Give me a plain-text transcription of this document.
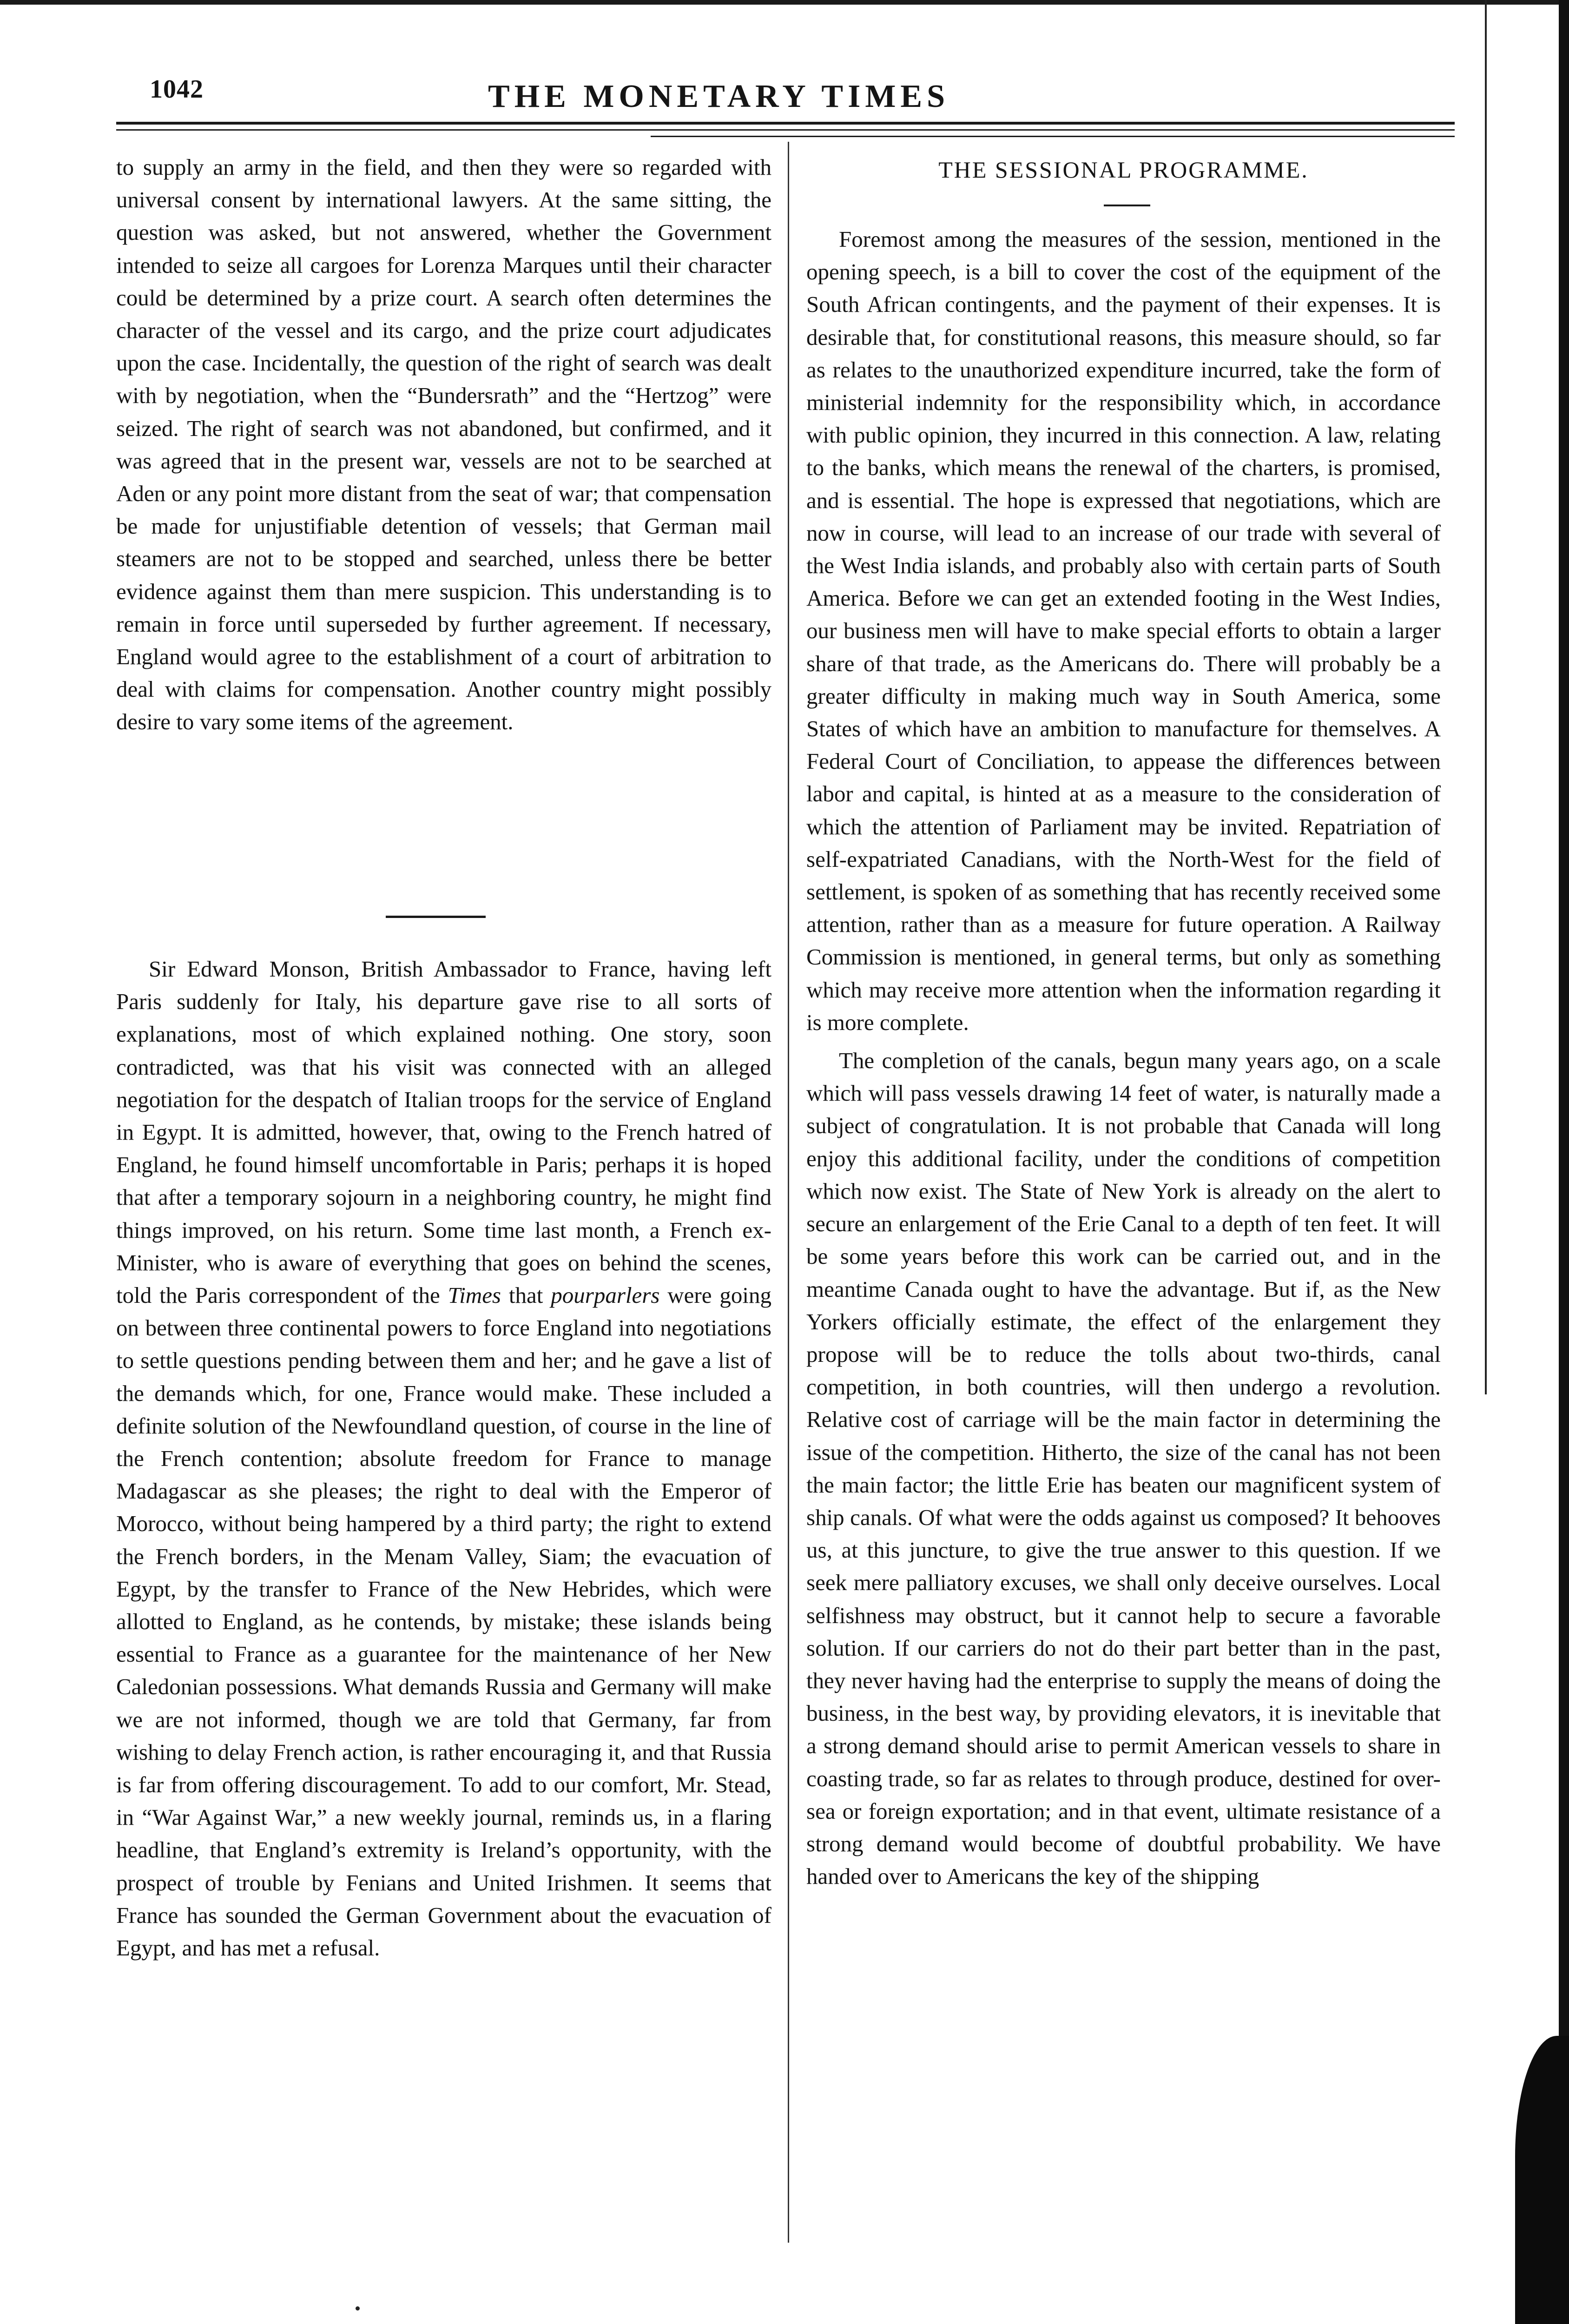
1042	THE MONETARY TIMES

to supply an army in the field, and then they were so regarded with universal consent by international lawyers. At the same sitting, the question was asked, but not answered, whether the Government intended to seize all cargoes for Lorenza Marques until their character could be determined by a prize court. A search often determines the character of the vessel and its cargo, and the prize court adjudicates upon the case. Incidentally, the question of the right of search was dealt with by negotiation, when the “Bundersrath” and the “Hertzog” were seized. The right of search was not abandoned, but confirmed, and it was agreed that in the present war, vessels are not to be searched at Aden or any point more distant from the seat of war; that compensation be made for unjustifiable detention of vessels; that German mail steamers are not to be stopped and searched, unless there be better evidence against them than mere suspicion. This understanding is to remain in force until superseded by further agreement. If necessary, England would agree to the establishment of a court of arbitration to deal with claims for compensation. Another country might possibly desire to vary some items of the agreement.

Sir Edward Monson, British Ambassador to France, having left Paris suddenly for Italy, his departure gave rise to all sorts of explanations, most of which explained nothing. One story, soon contradicted, was that his visit was connected with an alleged negotiation for the despatch of Italian troops for the service of England in Egypt. It is admitted, however, that, owing to the French hatred of England, he found himself uncomfortable in Paris; perhaps it is hoped that after a temporary sojourn in a neighboring country, he might find things improved, on his return. Some time last month, a French ex-Minister, who is aware of everything that goes on behind the scenes, told the Paris correspondent of the Times that pourparlers were going on between three continental powers to force England into negotiations to settle questions pending between them and her; and he gave a list of the demands which, for one, France would make. These included a definite solution of the Newfoundland question, of course in the line of the French contention; absolute freedom for France to manage Madagascar as she pleases; the right to deal with the Emperor of Morocco, without being hampered by a third party; the right to extend the French borders, in the Menam Valley, Siam; the evacuation of Egypt, by the transfer to France of the New Hebrides, which were allotted to England, as he contends, by mistake; these islands being essential to France as a guarantee for the maintenance of her New Caledonian possessions. What demands Russia and Germany will make we are not informed, though we are told that Germany, far from wishing to delay French action, is rather encouraging it, and that Russia is far from offering discouragement. To add to our comfort, Mr. Stead, in “War Against War,” a new weekly journal, reminds us, in a flaring headline, that England’s extremity is Ireland’s opportunity, with the prospect of trouble by Fenians and United Irishmen. It seems that France has sounded the German Government about the evacuation of Egypt, and has met a refusal.

THE SESSIONAL PROGRAMME.

Foremost among the measures of the session, mentioned in the opening speech, is a bill to cover the cost of the equipment of the South African contingents, and the payment of their expenses. It is desirable that, for constitutional reasons, this measure should, so far as relates to the unauthorized expenditure incurred, take the form of ministerial indemnity for the responsibility which, in accordance with public opinion, they incurred in this connection. A law, relating to the banks, which means the renewal of the charters, is promised, and is essential. The hope is expressed that negotiations, which are now in course, will lead to an increase of our trade with several of the West India islands, and probably also with certain parts of South America. Before we can get an extended footing in the West Indies, our business men will have to make special efforts to obtain a larger share of that trade, as the Americans do. There will probably be a greater difficulty in making much way in South America, some States of which have an ambition to manufacture for themselves. A Federal Court of Conciliation, to appease the differences between labor and capital, is hinted at as a measure to the consideration of which the attention of Parliament may be invited. Repatriation of self-expatriated Canadians, with the North-West for the field of settlement, is spoken of as something that has recently received some attention, rather than as a measure for future operation. A Railway Commission is mentioned, in general terms, but only as something which may receive more attention when the information regarding it is more complete.

The completion of the canals, begun many years ago, on a scale which will pass vessels drawing 14 feet of water, is naturally made a subject of congratulation. It is not probable that Canada will long enjoy this additional facility, under the conditions of competition which now exist. The State of New York is already on the alert to secure an enlargement of the Erie Canal to a depth of ten feet. It will be some years before this work can be carried out, and in the meantime Canada ought to have the advantage. But if, as the New Yorkers officially estimate, the effect of the enlargement they propose will be to reduce the tolls about two-thirds, canal competition, in both countries, will then undergo a revolution. Relative cost of carriage will be the main factor in determining the issue of the competition. Hitherto, the size of the canal has not been the main factor; the little Erie has beaten our magnificent system of ship canals. Of what were the odds against us composed? It behooves us, at this juncture, to give the true answer to this question. If we seek mere palliatory excuses, we shall only deceive ourselves. Local selfishness may obstruct, but it cannot help to secure a favorable solution. If our carriers do not do their part better than in the past, they never having had the enterprise to supply the means of doing the business, in the best way, by providing elevators, it is inevitable that a strong demand should arise to permit American vessels to share in coasting trade, so far as relates to through produce, destined for over-sea or foreign exportation; and in that event, ultimate resistance of a strong demand would become of doubtful probability. We have handed over to Americans the key of the shipping
